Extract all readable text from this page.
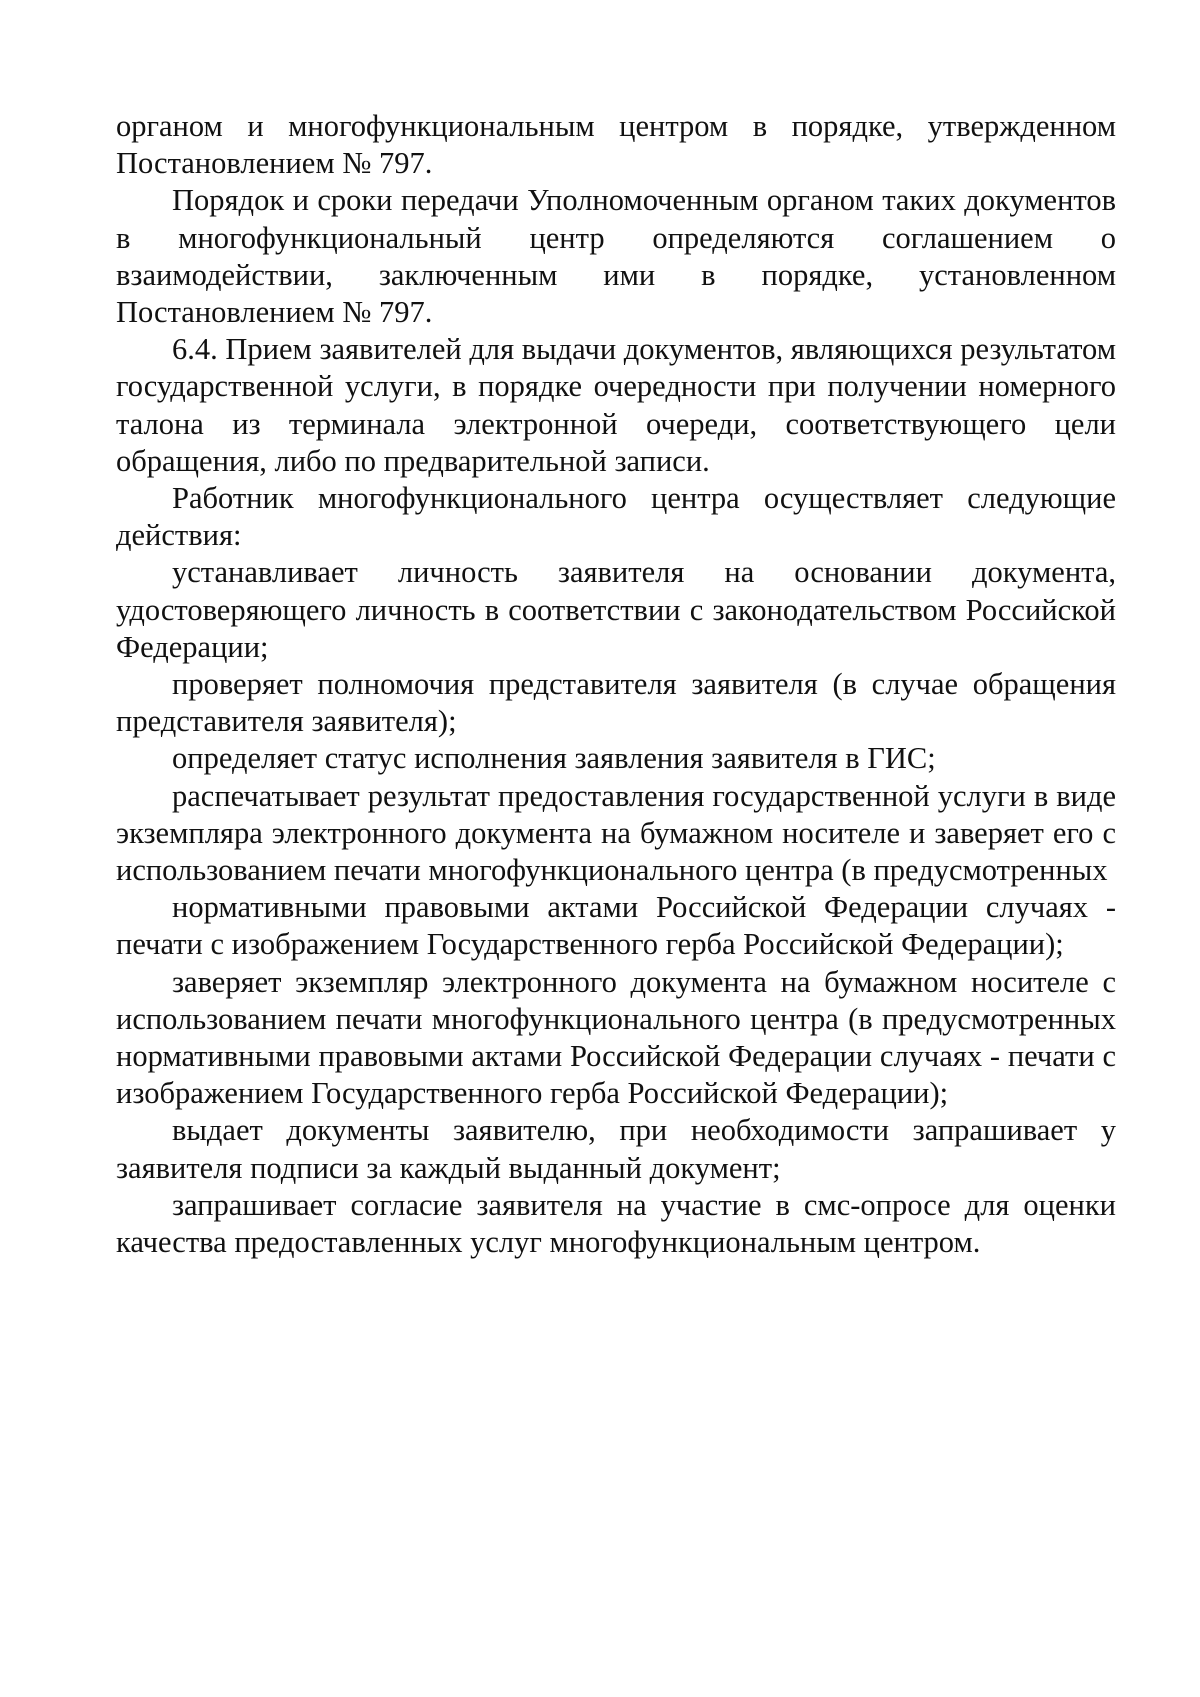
органом и многофункциональным центром в порядке, утвержденном Постановлением № 797.

Порядок и сроки передачи Уполномоченным органом таких документов в многофункциональный центр определяются соглашением о взаимодействии, заключенным ими в порядке, установленном Постановлением № 797.

6.4. Прием заявителей для выдачи документов, являющихся результатом государственной услуги, в порядке очередности при получении номерного талона из терминала электронной очереди, соответствующего цели обращения, либо по предварительной записи.

Работник многофункционального центра осуществляет следующие действия:

устанавливает личность заявителя на основании документа, удостоверяющего личность в соответствии с законодательством Российской Федерации;

проверяет полномочия представителя заявителя (в случае обращения представителя заявителя);

определяет статус исполнения заявления заявителя в ГИС;

распечатывает результат предоставления государственной услуги в виде экземпляра электронного документа на бумажном носителе и заверяет его с использованием печати многофункционального центра (в предусмотренных

нормативными правовыми актами Российской Федерации случаях - печати с изображением Государственного герба Российской Федерации);

заверяет экземпляр электронного документа на бумажном носителе с использованием печати многофункционального центра (в предусмотренных нормативными правовыми актами Российской Федерации случаях - печати с изображением Государственного герба Российской Федерации);

выдает документы заявителю, при необходимости запрашивает у заявителя подписи за каждый выданный документ;

запрашивает согласие заявителя на участие в смс-опросе для оценки качества предоставленных услуг многофункциональным центром.
